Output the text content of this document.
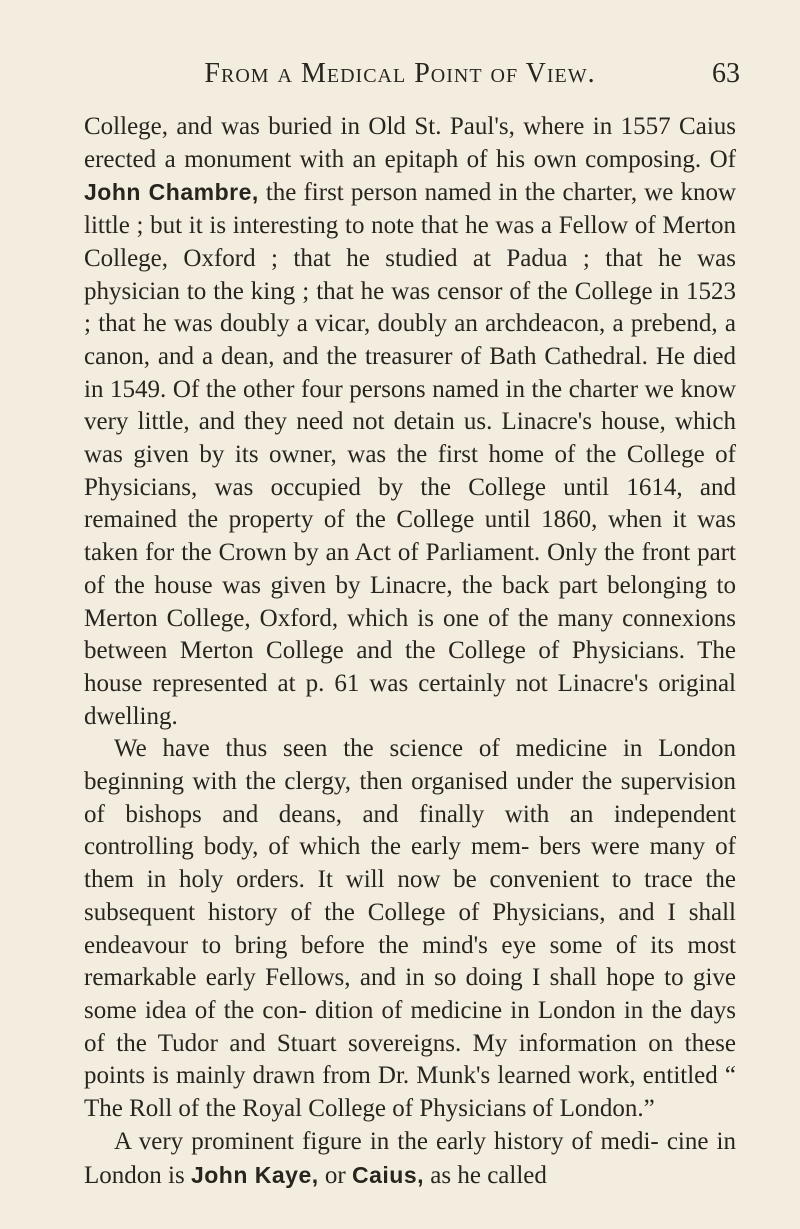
From a Medical Point of View.	63

College, and was buried in Old St. Paul's, where in 1557 Caius erected a monument with an epitaph of his own composing. Of John Chambre, the first person named in the charter, we know little ; but it is interesting to note that he was a Fellow of Merton College, Oxford ; that he studied at Padua ; that he was physician to the king ; that he was censor of the College in 1523 ; that he was doubly a vicar, doubly an archdeacon, a prebend, a canon, and a dean, and the treasurer of Bath Cathedral. He died in 1549. Of the other four persons named in the charter we know very little, and they need not detain us. Linacre's house, which was given by its owner, was the first home of the College of Physicians, was occupied by the College until 1614, and remained the property of the College until 1860, when it was taken for the Crown by an Act of Parliament. Only the front part of the house was given by Linacre, the back part belonging to Merton College, Oxford, which is one of the many connexions between Merton College and the College of Physicians. The house represented at p. 61 was certainly not Linacre's original dwelling.

We have thus seen the science of medicine in London beginning with the clergy, then organised under the supervision of bishops and deans, and finally with an independent controlling body, of which the early mem- bers were many of them in holy orders. It will now be convenient to trace the subsequent history of the College of Physicians, and I shall endeavour to bring before the mind's eye some of its most remarkable early Fellows, and in so doing I shall hope to give some idea of the con- dition of medicine in London in the days of the Tudor and Stuart sovereigns. My information on these points is mainly drawn from Dr. Munk's learned work, entitled “ The Roll of the Royal College of Physicians of London.”

A very prominent figure in the early history of medi- cine in London is John Kaye, or Caius, as he called
